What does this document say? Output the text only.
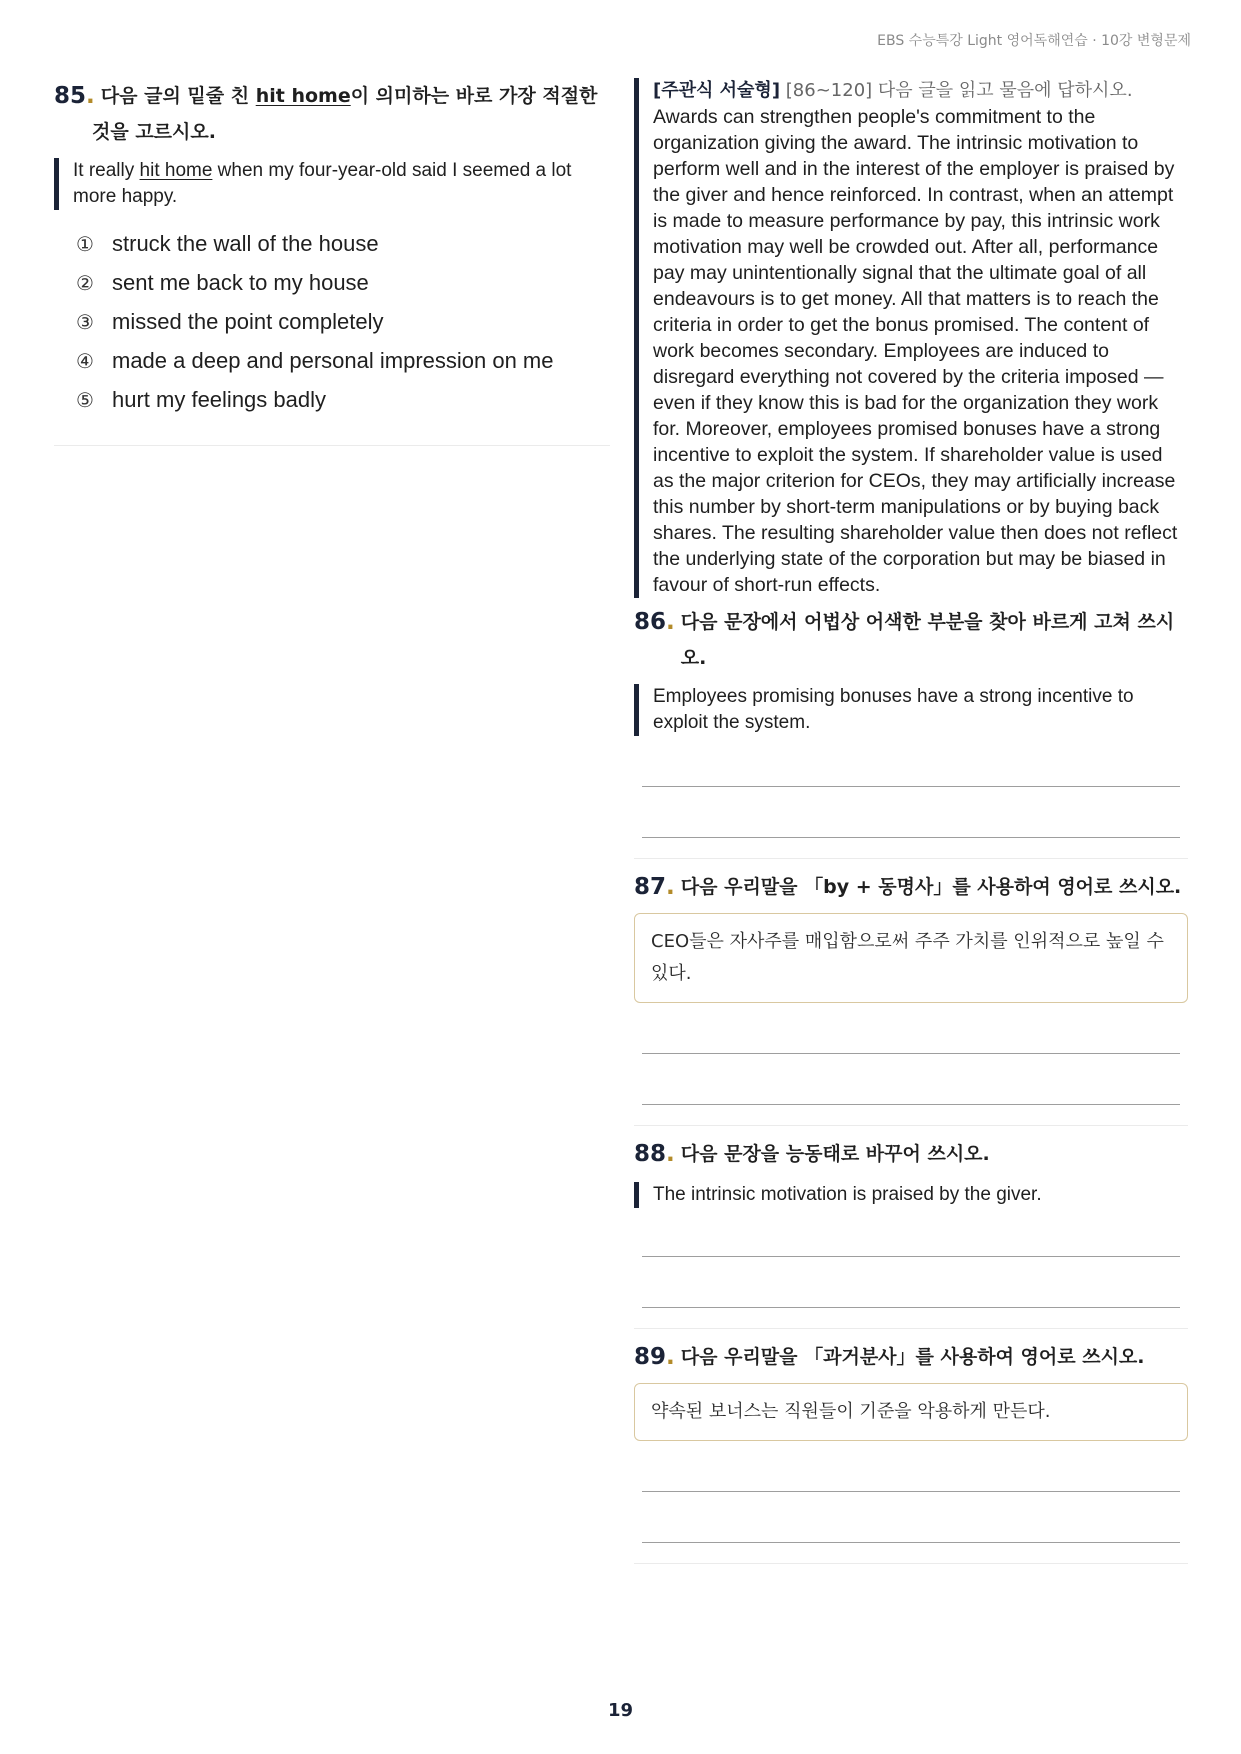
EBS 수능특강 Light 영어독해연습 · 10강 변형문제
85. 다음 글의 밑줄 친 hit home이 의미하는 바로 가장 적절한
것을 고르시오.
It really hit home when my four-year-old said I seemed a lot more happy.
① struck the wall of the house
② sent me back to my house
③ missed the point completely
④ made a deep and personal impression on me
⑤ hurt my feelings badly

[주관식 서술형] [86~120] 다음 글을 읽고 물음에 답하시오.

Awards can strengthen people's commitment to the organization giving the award. The intrinsic motivation to perform well and in the interest of the employer is praised by the giver and hence reinforced. In contrast, when an attempt is made to measure performance by pay, this intrinsic work motivation may well be crowded out. After all, performance pay may unintentionally signal that the ultimate goal of all endeavours is to get money. All that matters is to reach the criteria in order to get the bonus promised. The content of work becomes secondary. Employees are induced to disregard everything not covered by the criteria imposed — even if they know this is bad for the organization they work for. Moreover, employees promised bonuses have a strong incentive to exploit the system. If shareholder value is used as the major criterion for CEOs, they may artificially increase this number by short-term manipulations or by buying back shares. The resulting shareholder value then does not reflect the underlying state of the corporation but may be biased in favour of short-run effects.

86. 다음 문장에서 어법상 어색한 부분을 찾아 바르게 고쳐 쓰시오.
Employees promising bonuses have a strong incentive to exploit the system.
87. 다음 우리말을 「by + 동명사」를 사용하여 영어로 쓰시오.
CEO들은 자사주를 매입함으로써 주주 가치를 인위적으로 높일 수 있다.
88. 다음 문장을 능동태로 바꾸어 쓰시오.
The intrinsic motivation is praised by the giver.
89. 다음 우리말을 「과거분사」를 사용하여 영어로 쓰시오.
약속된 보너스는 직원들이 기준을 악용하게 만든다.
19
